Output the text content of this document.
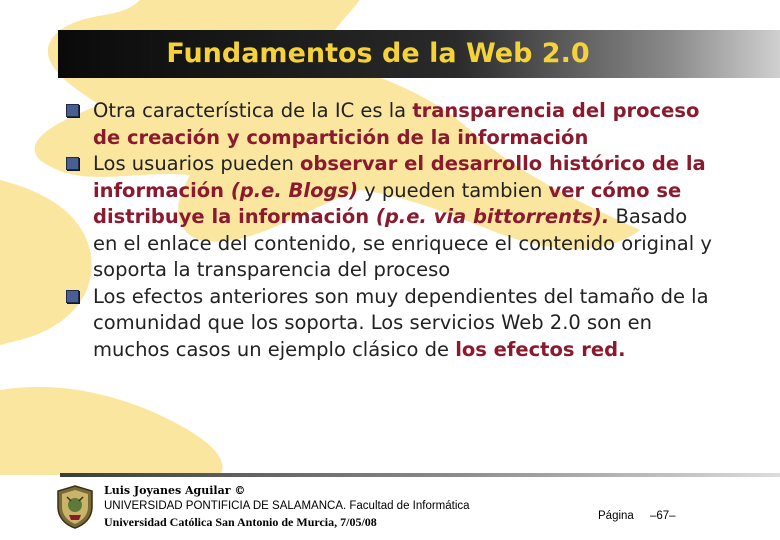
Fundamentos de la Web 2.0
Otra característica de la IC es la transparencia del proceso de creación y compartición de la información
Los usuarios pueden observar el desarrollo histórico de la información (p.e. Blogs) y pueden tambien ver cómo se distribuye la información (p.e. via bittorrents). Basado en el enlace del contenido, se enriquece el contenido original y soporta la transparencia del proceso
Los efectos anteriores son muy dependientes del tamaño de la comunidad que los soporta. Los servicios Web 2.0 son en muchos casos un ejemplo clásico de los efectos red.
Luis Joyanes Aguilar ©
UNIVERSIDAD PONTIFICIA DE SALAMANCA. Facultad de Informática
Universidad Católica San Antonio de Murcia, 7/05/08	Página –67–
